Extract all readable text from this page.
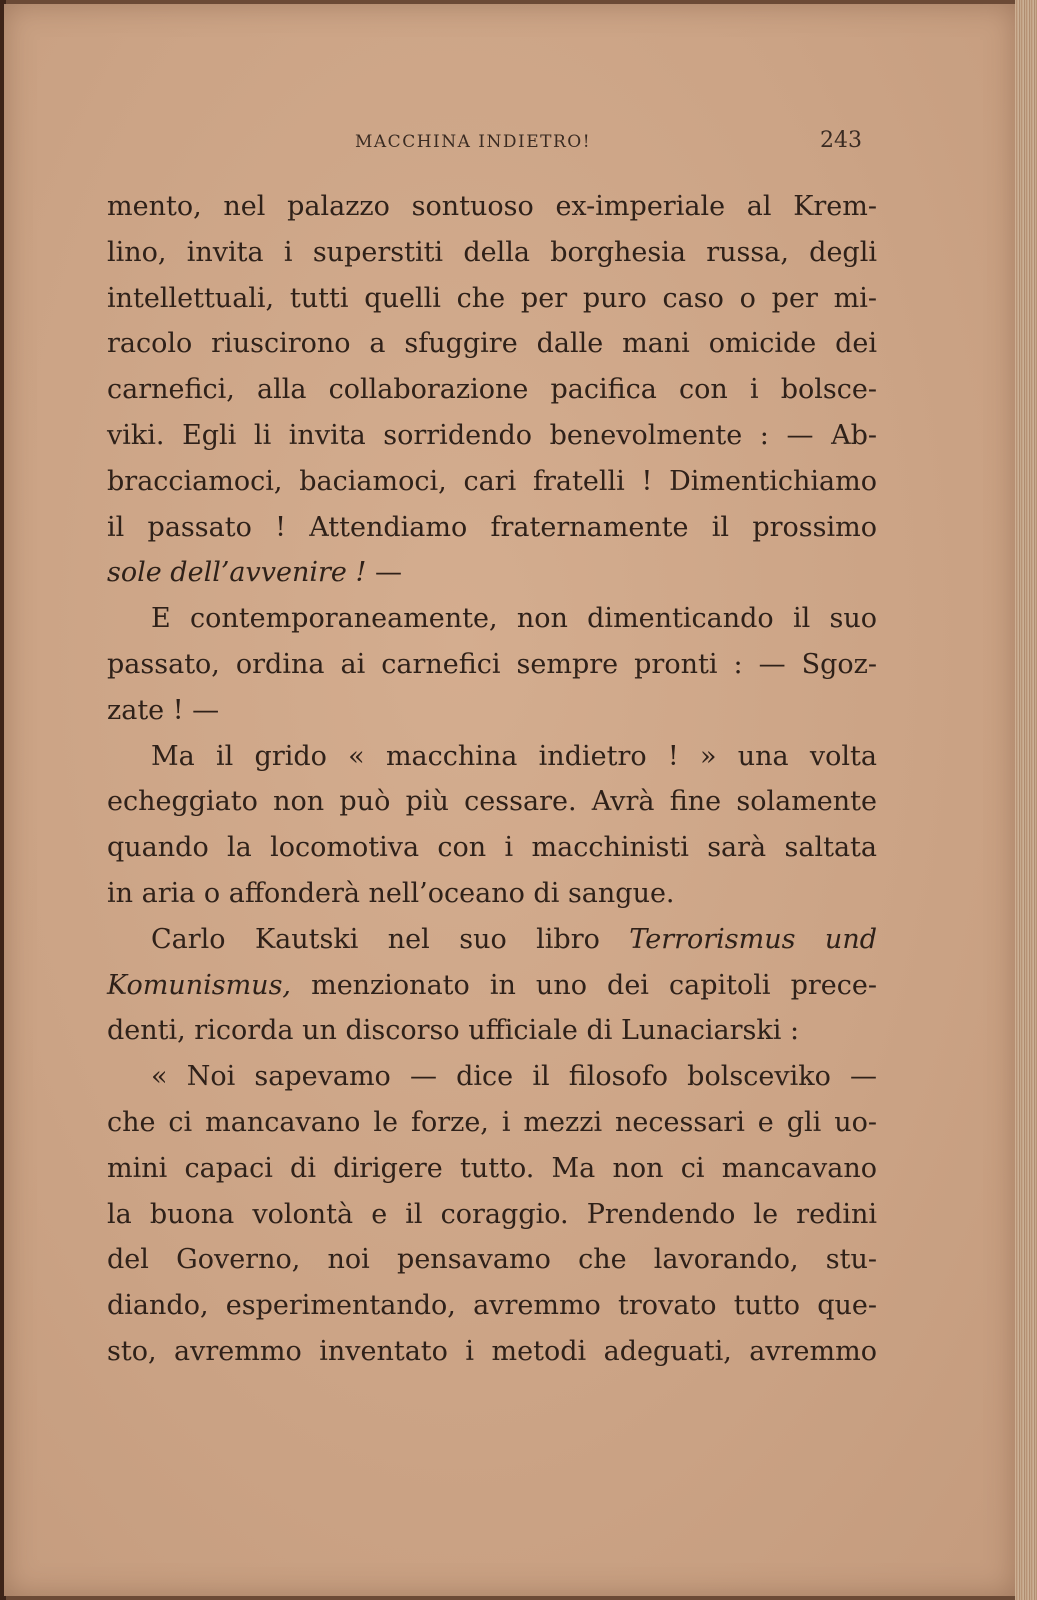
MACCHINA INDIETRO!	243
mento, nel palazzo sontuoso ex-imperiale al Krem-
lino, invita i superstiti della borghesia russa, degli
intellettuali, tutti quelli che per puro caso o per mi-
racolo riuscirono a sfuggire dalle mani omicide dei
carnefici, alla collaborazione pacifica con i bolsce-
viki. Egli li invita sorridendo benevolmente : — Ab-
bracciamoci, baciamoci, cari fratelli ! Dimentichiamo
il passato ! Attendiamo fraternamente il prossimo
sole dell’avvenire ! —
E contemporaneamente, non dimenticando il suo
passato, ordina ai carnefici sempre pronti : — Sgoz-
zate ! —
Ma il grido « macchina indietro ! » una volta
echeggiato non può più cessare. Avrà fine solamente
quando la locomotiva con i macchinisti sarà saltata
in aria o affonderà nell’oceano di sangue.
Carlo Kautski nel suo libro Terrorismus und
Komunismus, menzionato in uno dei capitoli prece-
denti, ricorda un discorso ufficiale di Lunaciarski :
« Noi sapevamo — dice il filosofo bolsceviko —
che ci mancavano le forze, i mezzi necessari e gli uo-
mini capaci di dirigere tutto. Ma non ci mancavano
la buona volontà e il coraggio. Prendendo le redini
del Governo, noi pensavamo che lavorando, stu-
diando, esperimentando, avremmo trovato tutto que-
sto, avremmo inventato i metodi adeguati, avremmo
